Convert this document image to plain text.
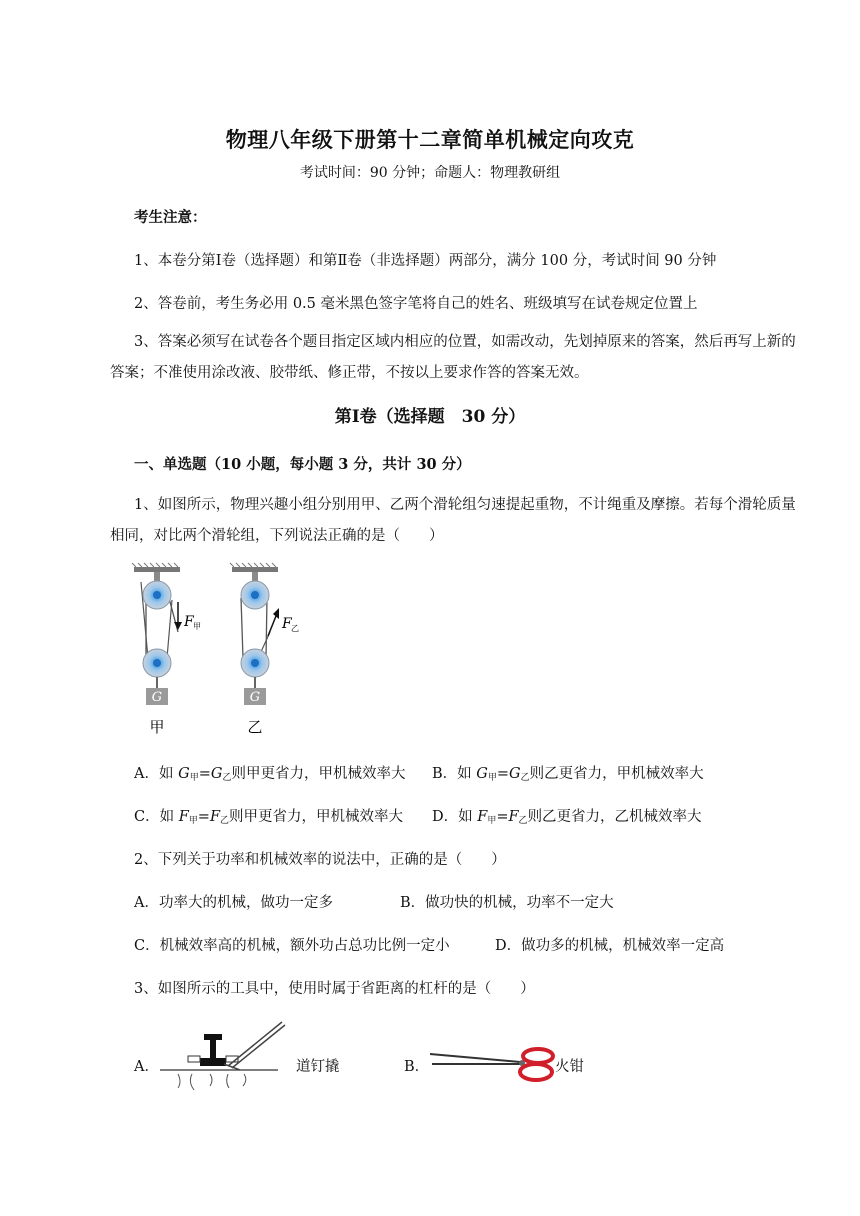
物理八年级下册第十二章简单机械定向攻克
考试时间：90 分钟；命题人：物理教研组
考生注意：
1、本卷分第Ⅰ卷（选择题）和第Ⅱ卷（非选择题）两部分，满分 100 分，考试时间 90 分钟
2、答卷前，考生务必用 0.5 毫米黑色签字笔将自己的姓名、班级填写在试卷规定位置上
3、答案必须写在试卷各个题目指定区域内相应的位置，如需改动，先划掉原来的答案，然后再写上新的答案；不准使用涂改液、胶带纸、修正带，不按以上要求作答的答案无效。
第Ⅰ卷（选择题　30 分）
一、单选题（10 小题，每小题 3 分，共计 30 分）
1、如图所示，物理兴趣小组分别用甲、乙两个滑轮组匀速提起重物，不计绳重及摩擦。若每个滑轮质量相同，对比两个滑轮组，下列说法正确的是（　　）
G
F 甲
甲
G
F 乙
乙
A．如 $G_甲=G_乙$则甲更省力，甲机械效率大 B．如 $G_甲=G_乙$则乙更省力，甲机械效率大
C．如 $F_甲=F_乙$则甲更省力，甲机械效率大 D．如 $F_甲=F_乙$则乙更省力，乙机械效率大
2、下列关于功率和机械效率的说法中，正确的是（　　）
A．功率大的机械，做功一定多	B．做功快的机械，功率不一定大
C．机械效率高的机械，额外功占总功比例一定小	D．做功多的机械，机械效率一定高
3、如图所示的工具中，使用时属于省距离的杠杆的是（　　）
A．	道钉撬	B．	火钳
